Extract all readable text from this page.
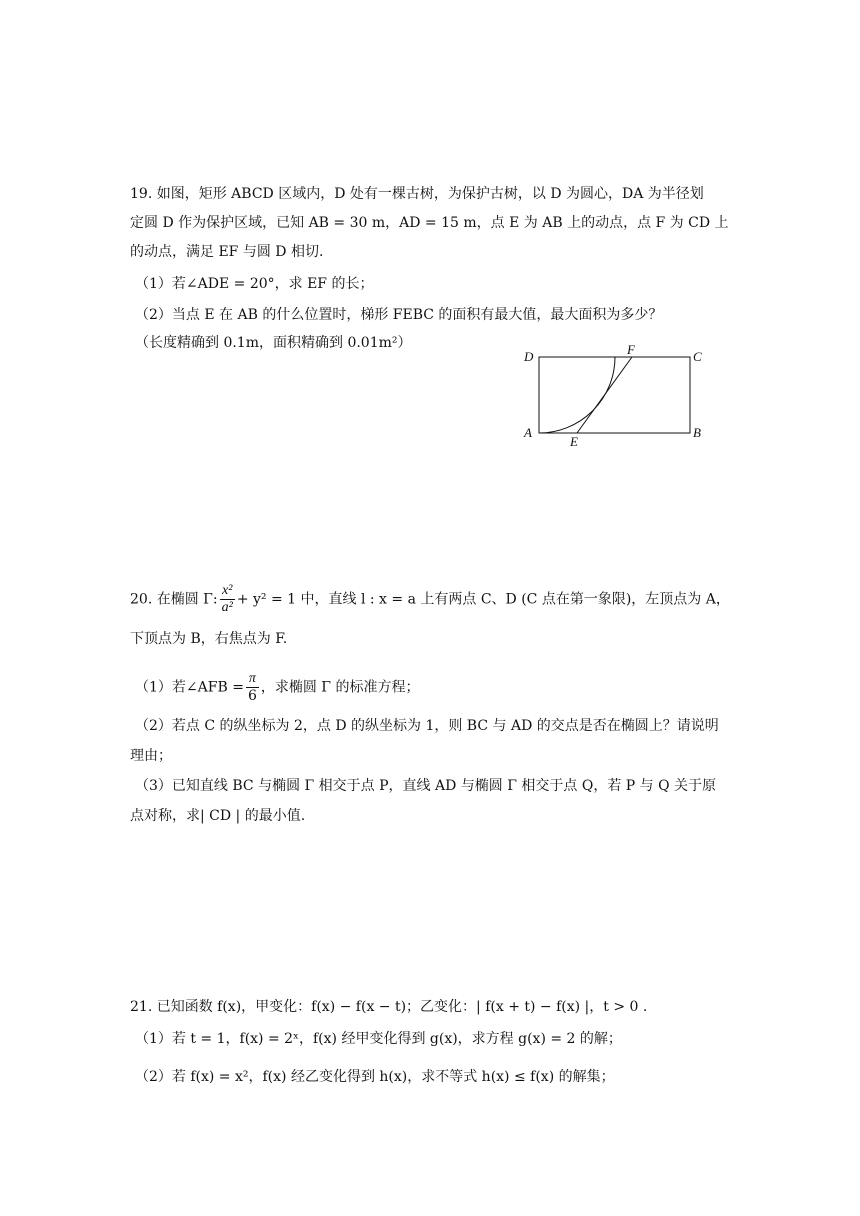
19. 如图，矩形 ABCD 区域内，D 处有一棵古树，为保护古树，以 D 为圆心，DA 为半径划
定圆 D 作为保护区域，已知 AB = 30 m，AD = 15 m，点 E 为 AB 上的动点，点 F 为 CD 上
的动点，满足 EF 与圆 D 相切.
（1）若∠ADE = 20°，求 EF 的长；
（2）当点 E 在 AB 的什么位置时，梯形 FEBC 的面积有最大值，最大面积为多少？
（长度精确到 0.1m，面积精确到 0.01m²）
D	F	C
A
E
B
20. 在椭圆 Γ: $\frac{\text{x²}}{\text{a²}} + y^2 = 1$ 中，直线 l : x = a 上有两点 C、D (C 点在第一象限)，左顶点为 A，
下顶点为 B，右焦点为 F.
（1）若∠AFB = $\frac{\pi}{6}$ ，求椭圆 Γ 的标准方程；
（2）若点 C 的纵坐标为 2，点 D 的纵坐标为 1，则 BC 与 AD 的交点是否在椭圆上？请说明
理由；
（3）已知直线 BC 与椭圆 Γ 相交于点 P，直线 AD 与椭圆 Γ 相交于点 Q，若 P 与 Q 关于原
点对称，求| CD | 的最小值.
21. 已知函数 f(x)，甲变化：f(x) − f(x − t)；乙变化：| f(x + t) − f(x) |，t > 0 .
（1）若 t = 1，f(x) = 2ˣ，f(x) 经甲变化得到 g(x)，求方程 g(x) = 2 的解；
（2）若 f(x) = x²，f(x) 经乙变化得到 h(x)，求不等式 h(x) ≤ f(x) 的解集；
